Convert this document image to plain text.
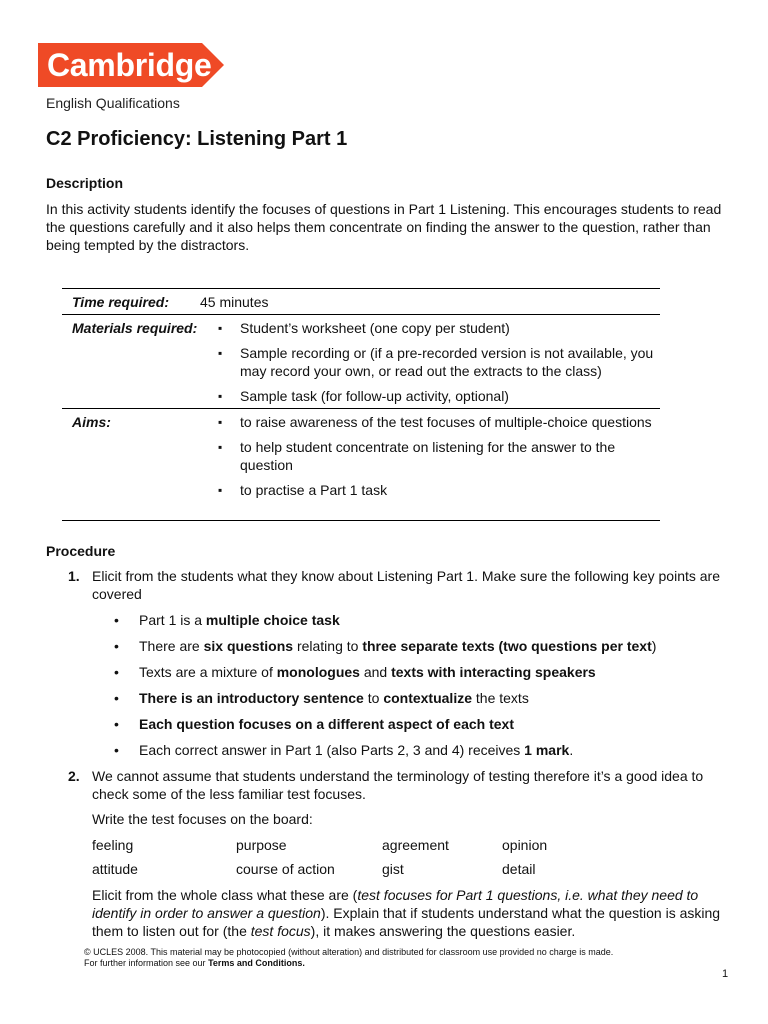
Cambridge
English Qualifications
C2 Proficiency: Listening Part 1
Description

In this activity students identify the focuses of questions in Part 1 Listening. This encourages students to read the questions carefully and it also helps them concentrate on finding the answer to the question, rather than being tempted by the distractors.

Time required:	45 minutes
Materials required:	▪ Student’s worksheet (one copy per student)
▪ Sample recording or (if a pre-recorded version is not available, you may record your own, or read out the extracts to the class)
▪ Sample task (for follow-up activity, optional)
Aims:	▪ to raise awareness of the test focuses of multiple-choice questions
▪ to help student concentrate on listening for the answer to the question
▪ to practise a Part 1 task
Procedure
1. Elicit from the students what they know about Listening Part 1. Make sure the following key points are covered
• Part 1 is a multiple choice task
• There are six questions relating to three separate texts (two questions per text)
• Texts are a mixture of monologues and texts with interacting speakers
• There is an introductory sentence to contextualize the texts
• Each question focuses on a different aspect of each text
• Each correct answer in Part 1 (also Parts 2, 3 and 4) receives 1 mark.
2. We cannot assume that students understand the terminology of testing therefore it’s a good idea to check some of the less familiar test focuses.
Write the test focuses on the board:
feeling	purpose	agreement	opinion
attitude	course of action	gist	detail
Elicit from the whole class what these are (test focuses for Part 1 questions, i.e. what they need to identify in order to answer a question). Explain that if students understand what the question is asking them to listen out for (the test focus), it makes answering the questions easier.
© UCLES 2008. This material may be photocopied (without alteration) and distributed for classroom use provided no charge is made.
For further information see our Terms and Conditions.
1
